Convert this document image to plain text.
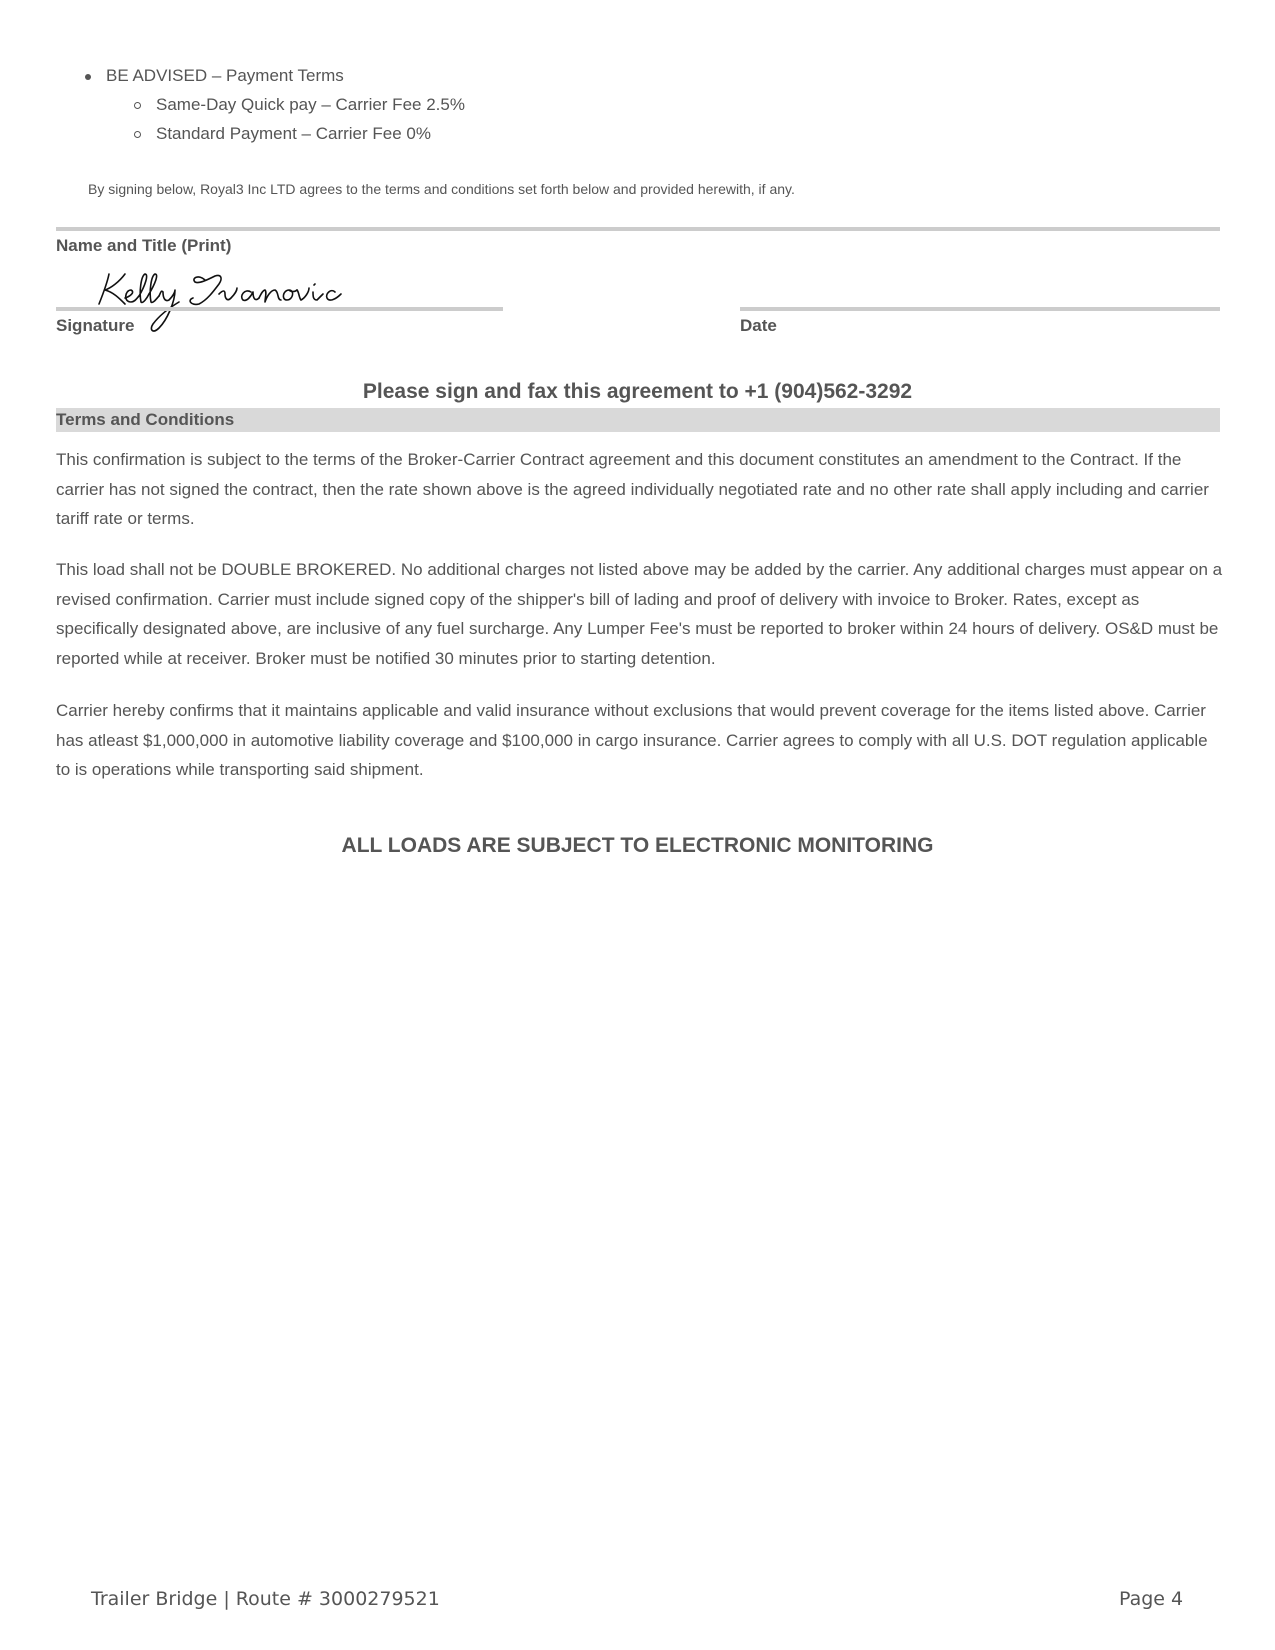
BE ADVISED – Payment Terms
Same-Day Quick pay – Carrier Fee 2.5%
Standard Payment – Carrier Fee 0%
By signing below, Royal3 Inc LTD agrees to the terms and conditions set forth below and provided herewith, if any.
Name and Title (Print)
Signature	Date
Please sign and fax this agreement to +1 (904)562-3292
Terms and Conditions

This confirmation is subject to the terms of the Broker-Carrier Contract agreement and this document constitutes an amendment to the Contract. If the carrier has not signed the contract, then the rate shown above is the agreed individually negotiated rate and no other rate shall apply including and carrier tariff rate or terms.

This load shall not be DOUBLE BROKERED. No additional charges not listed above may be added by the carrier. Any additional charges must appear on a revised confirmation. Carrier must include signed copy of the shipper's bill of lading and proof of delivery with invoice to Broker. Rates, except as specifically designated above, are inclusive of any fuel surcharge. Any Lumper Fee's must be reported to broker within 24 hours of delivery. OS&D must be reported while at receiver. Broker must be notified 30 minutes prior to starting detention.

Carrier hereby confirms that it maintains applicable and valid insurance without exclusions that would prevent coverage for the items listed above. Carrier has atleast $1,000,000 in automotive liability coverage and $100,000 in cargo insurance. Carrier agrees to comply with all U.S. DOT regulation applicable to is operations while transporting said shipment.

ALL LOADS ARE SUBJECT TO ELECTRONIC MONITORING
Trailer Bridge | Route # 3000279521	Page 4
